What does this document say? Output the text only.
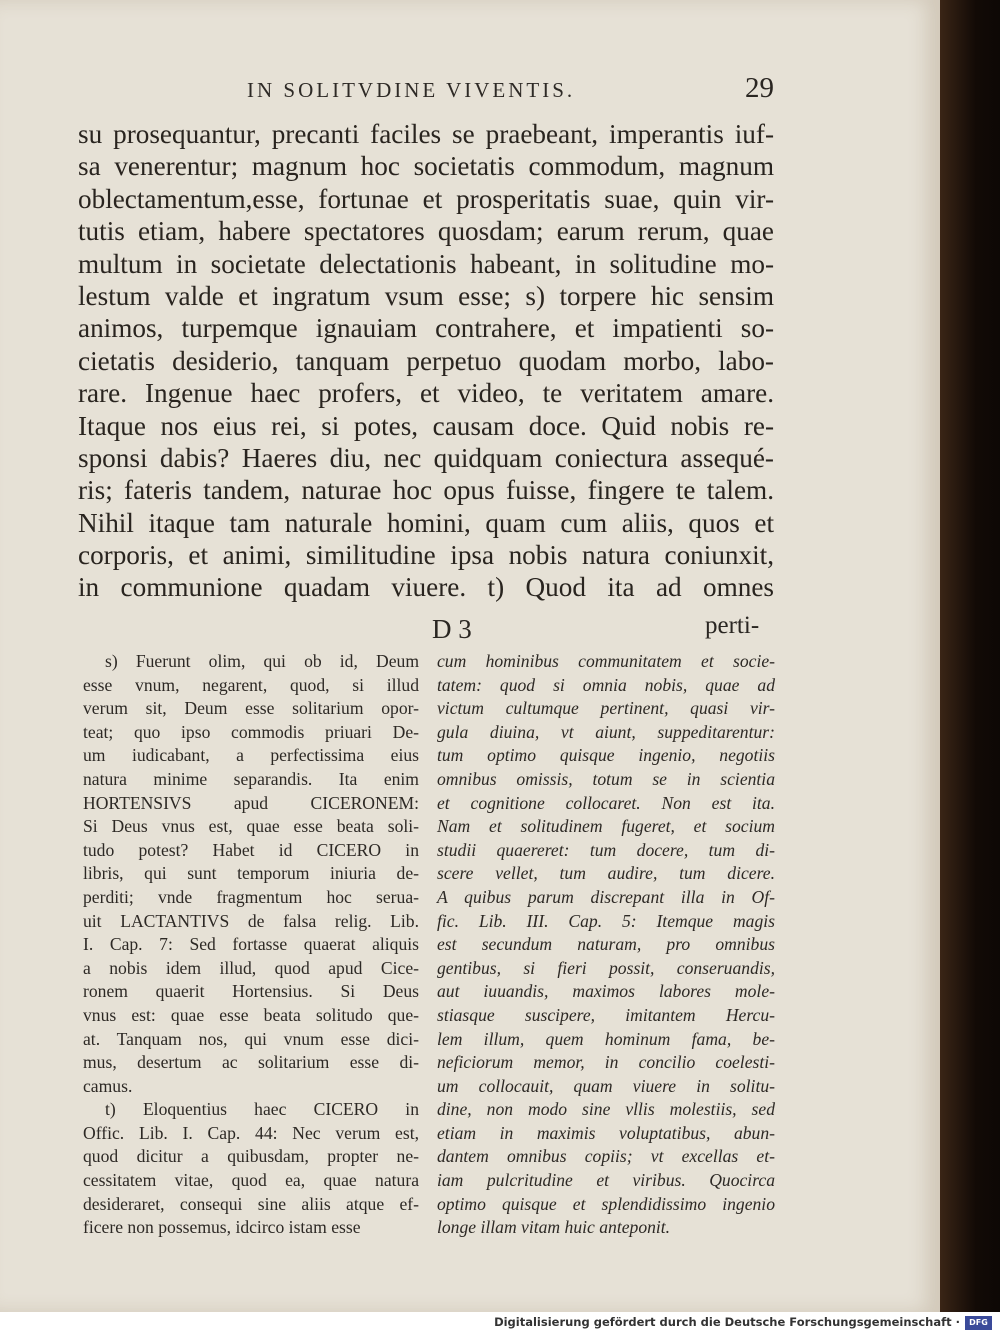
IN SOLITVDINE VIVENTIS.	29
su prosequantur, precanti faciles se praebeant, imperantis iuf-
sa venerentur; magnum hoc societatis commodum, magnum
oblectamentum,esse, fortunae et prosperitatis suae, quin vir-
tutis etiam, habere spectatores quosdam; earum rerum, quae
multum in societate delectationis habeant, in solitudine mo-
lestum valde et ingratum vsum esse; s) torpere hic sensim
animos, turpemque ignauiam contrahere, et impatienti so-
cietatis desiderio, tanquam perpetuo quodam morbo, labo-
rare. Ingenue haec profers, et video, te veritatem amare.
Itaque nos eius rei, si potes, causam doce. Quid nobis re-
sponsi dabis? Haeres diu, nec quidquam coniectura assequé-
ris; fateris tandem, naturae hoc opus fuisse, fingere te talem.
Nihil itaque tam naturale homini, quam cum aliis, quos et
corporis, et animi, similitudine ipsa nobis natura coniunxit,
in communione quadam viuere. t) Quod ita ad omnes
D 3	perti-
s) Fuerunt olim, qui ob id, Deum
esse vnum, negarent, quod, si illud
verum sit, Deum esse solitarium opor-
teat; quo ipso commodis priuari De-
um iudicabant, a perfectissima eius
natura minime separandis. Ita enim
HORTENSIVS apud CICERONEM:
Si Deus vnus est, quae esse beata soli-
tudo potest? Habet id CICERO in
libris, qui sunt temporum iniuria de-
perditi; vnde fragmentum hoc serua-
uit LACTANTIVS de falsa relig. Lib.
I. Cap. 7: Sed fortasse quaerat aliquis
a nobis idem illud, quod apud Cice-
ronem quaerit Hortensius. Si Deus
vnus est: quae esse beata solitudo que-
at. Tanquam nos, qui vnum esse dici-
mus, desertum ac solitarium esse di-
camus.
t) Eloquentius haec CICERO in
Offic. Lib. I. Cap. 44: Nec verum est,
quod dicitur a quibusdam, propter ne-
cessitatem vitae, quod ea, quae natura
desideraret, consequi sine aliis atque ef-
ficere non possemus, idcirco istam esse
cum hominibus communitatem et socie-
tatem: quod si omnia nobis, quae ad
victum cultumque pertinent, quasi vir-
gula diuina, vt aiunt, suppeditarentur:
tum optimo quisque ingenio, negotiis
omnibus omissis, totum se in scientia
et cognitione collocaret. Non est ita.
Nam et solitudinem fugeret, et socium
studii quaereret: tum docere, tum di-
scere vellet, tum audire, tum dicere.
A quibus parum discrepant illa in Of-
fic. Lib. III. Cap. 5: Itemque magis
est secundum naturam, pro omnibus
gentibus, si fieri possit, conseruandis,
aut iuuandis, maximos labores mole-
stiasque suscipere, imitantem Hercu-
lem illum, quem hominum fama, be-
neficiorum memor, in concilio coelesti-
um collocauit, quam viuere in solitu-
dine, non modo sine vllis molestiis, sed
etiam in maximis voluptatibus, abun-
dantem omnibus copiis; vt excellas et-
iam pulcritudine et viribus. Quocirca
optimo quisque et splendidissimo ingenio
longe illam vitam huic anteponit.
Digitalisierung gefördert durch die Deutsche Forschungsgemeinschaft ·	DFG
